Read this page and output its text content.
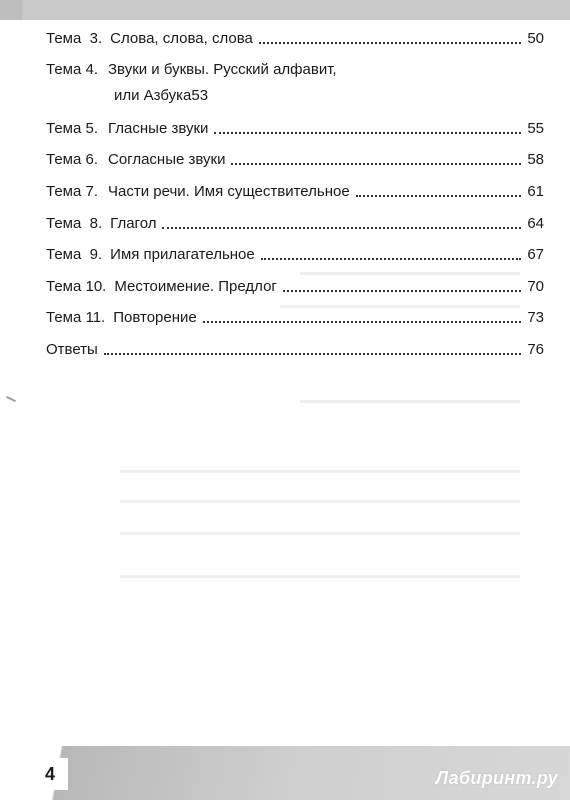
Тема  3. Слова, слова, слова	50
Тема 4. Звуки и буквы. Русский алфавит,
или Азбука 53
Тема 5. Гласные звуки	55
Тема 6. Согласные звуки	58
Тема 7. Части речи. Имя существительное	61
Тема  8. Глагол	64
Тема  9. Имя прилагательное	67
Тема 10. Местоимение. Предлог	70
Тема 11. Повторение	73
Ответы	76
4	Лабиринт.ру
